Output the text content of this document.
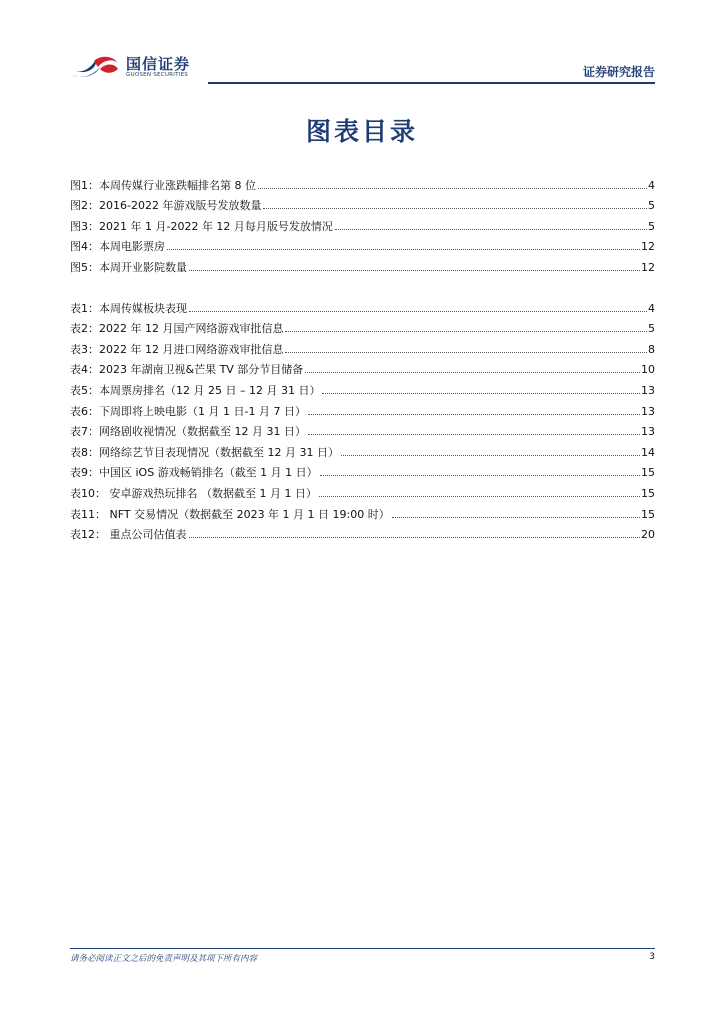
国信证券
GUOSEN SECURITIES	证券研究报告
图表目录
图1：本周传媒行业涨跌幅排名第 8 位	4
图2：2016-2022 年游戏版号发放数量	5
图3：2021 年 1 月-2022 年 12 月每月版号发放情况	5
图4：本周电影票房	12
图5：本周开业影院数量	12
表1：本周传媒板块表现	4
表2：2022 年 12 月国产网络游戏审批信息	5
表3：2022 年 12 月进口网络游戏审批信息	8
表4：2023 年湖南卫视&芒果 TV 部分节目储备	10
表5：本周票房排名（12 月 25 日 – 12 月 31 日）	13
表6：下周即将上映电影（1 月 1 日-1 月 7 日）	13
表7：网络剧收视情况（数据截至 12 月 31 日）	13
表8：网络综艺节目表现情况（数据截至 12 月 31 日）	14
表9：中国区 iOS 游戏畅销排名（截至 1 月 1 日）	15
表10： 安卓游戏热玩排名 （数据截至 1 月 1 日）	15
表11： NFT 交易情况（数据截至 2023 年 1 月 1 日 19:00 时）	15
表12： 重点公司估值表	20
请务必阅读正文之后的免责声明及其项下所有内容	3
